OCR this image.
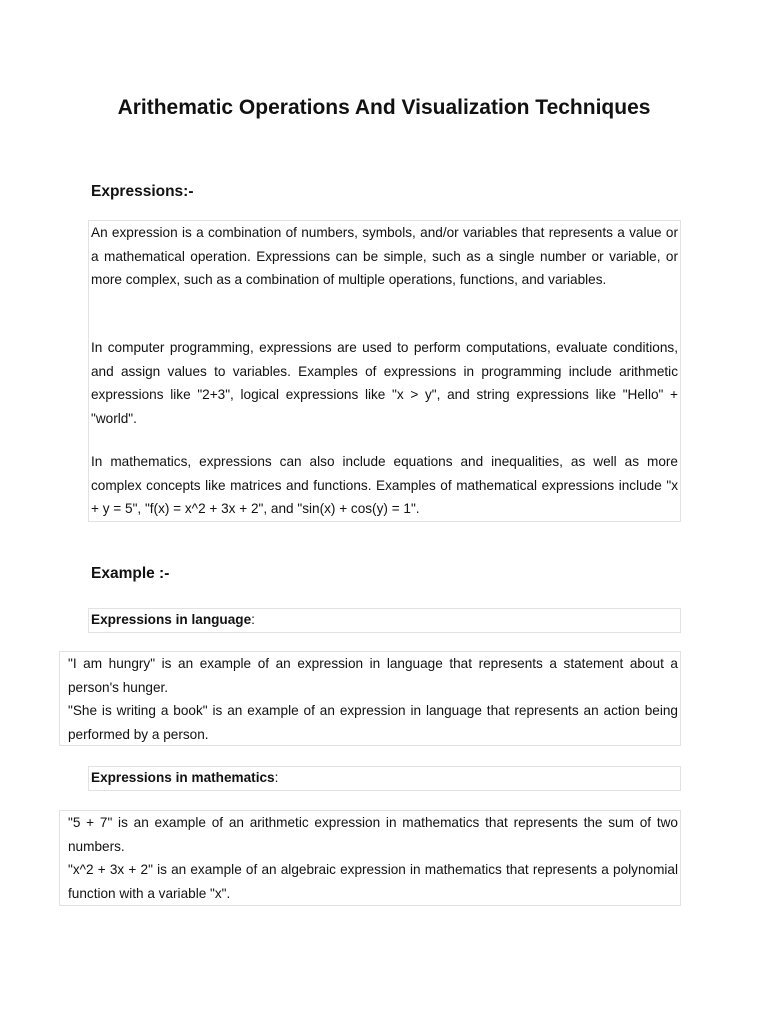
Arithematic Operations And Visualization Techniques
Expressions:-

An expression is a combination of numbers, symbols, and/or variables that represents a value or a mathematical operation. Expressions can be simple, such as a single number or variable, or more complex, such as a combination of multiple operations, functions, and variables.

In computer programming, expressions are used to perform computations, evaluate conditions, and assign values to variables. Examples of expressions in programming include arithmetic expressions like "2+3", logical expressions like "x > y", and string expressions like "Hello" + "world".

In mathematics, expressions can also include equations and inequalities, as well as more complex concepts like matrices and functions. Examples of mathematical expressions include "x + y = 5", "f(x) = x^2 + 3x + 2", and "sin(x) + cos(y) = 1".

Example :-
Expressions in language:

"I am hungry" is an example of an expression in language that represents a statement about a person's hunger.

"She is writing a book" is an example of an expression in language that represents an action being performed by a person.

Expressions in mathematics:

"5 + 7" is an example of an arithmetic expression in mathematics that represents the sum of two numbers.

"x^2 + 3x + 2" is an example of an algebraic expression in mathematics that represents a polynomial function with a variable "x".
